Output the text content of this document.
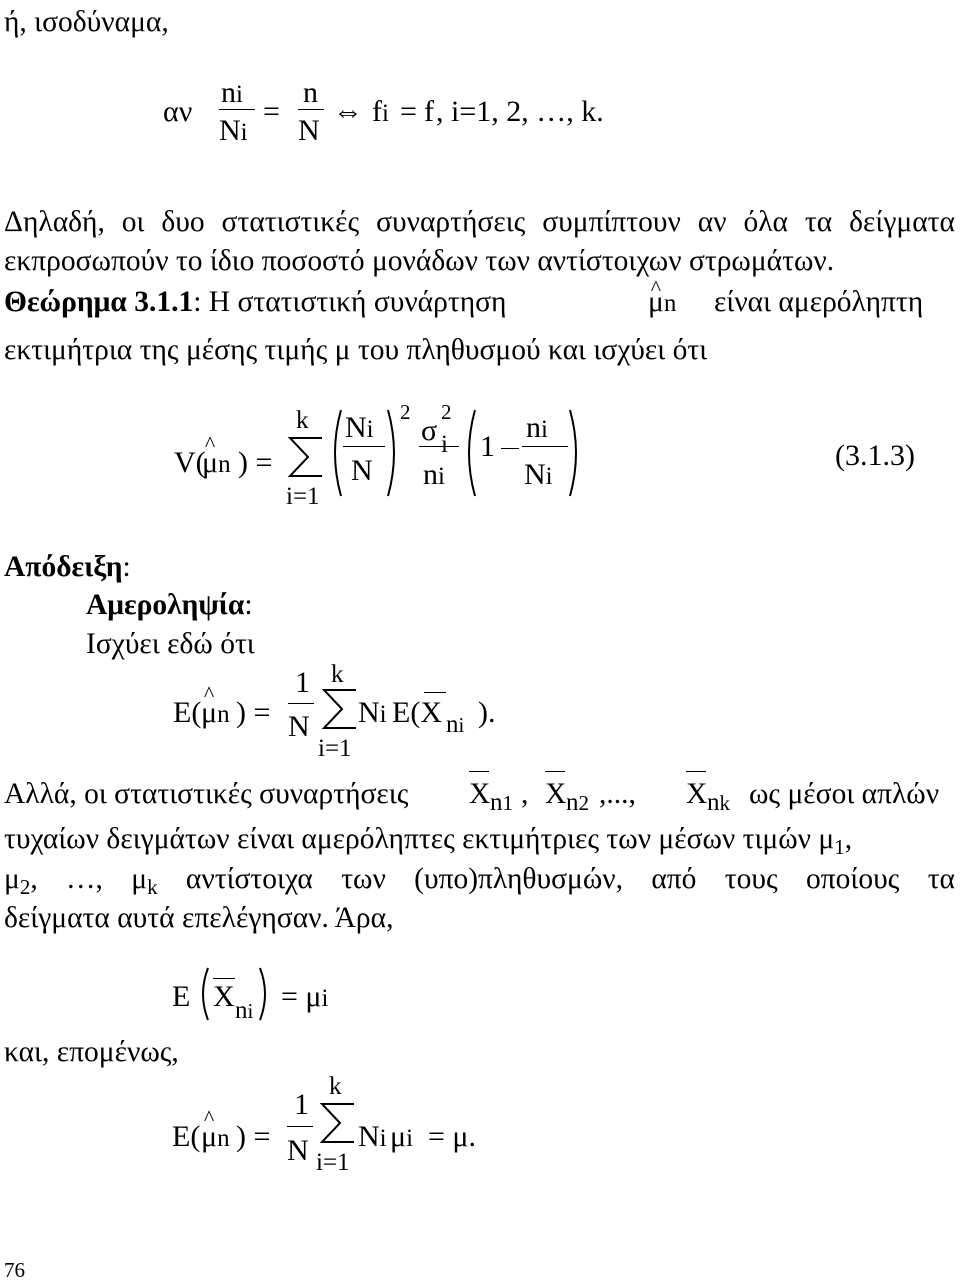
ή, ισοδύναμα,
αν
ni
Ni
=
n
N
⇔ fi = f , i=1, 2, …, k.
Δηλαδή, οι δυο στατιστικές συναρτήσεις συμπίπτουν αν όλα τα δείγματα
εκπροσωπούν το ίδιο ποσοστό μονάδων των αντίστοιχων στρωμάτων.
Θεώρημα 3.1.1: Η στατιστική συνάρτηση	^ μn είναι αμερόληπτη
εκτιμήτρια της μέσης τιμής μ του πληθυσμού και ισχύει ότι
V(
^ μn ) =
k
i=1
Ni
N
2
σ
2
i
ni
1
ni
Ni
(3.1.3)
Απόδειξη:
Αμεροληψία:
Ισχύει εδώ ότι
E( ^ μn ) =
1
N
k
i=1
Ni E(X ni ).
Αλλά, οι στατιστικές συναρτήσεις X n1 , X n2 ,..., X nk ως μέσοι απλών
τυχαίων δειγμάτων είναι αμερόληπτες εκτιμήτριες των μέσων τιμών $\mu_1$,
$\mu_2$, …, $\mu_k$ αντίστοιχα των (υπο)πληθυσμών, από τους οποίους τα
δείγματα αυτά επελέγησαν. Άρα,
E X ni = μi
και, επομένως,
E( ^ μn ) =
1
N
k
i=1
Ni μi = μ.
76
